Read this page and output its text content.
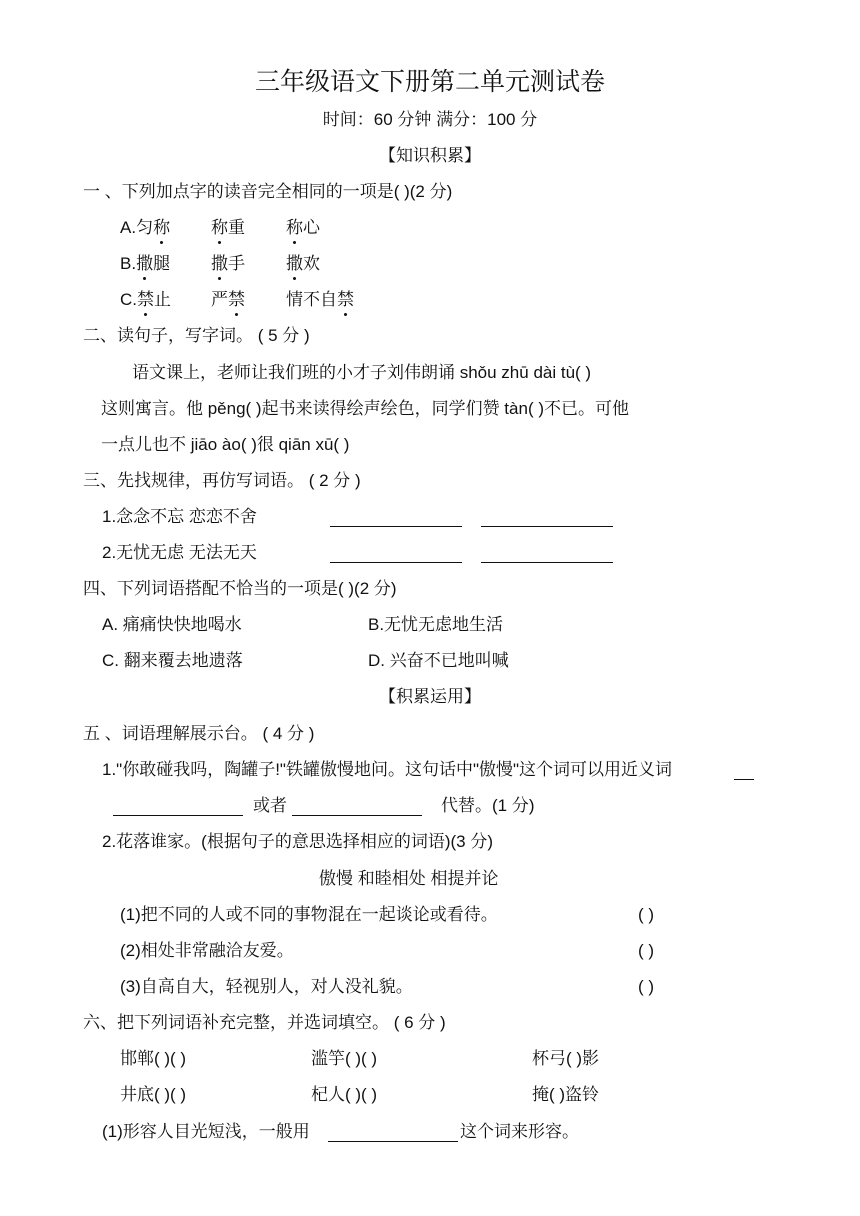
三年级语文下册第二单元测试卷
时间：60 分钟 满分：100 分
【知识积累】
一 、下列加点字的读音完全相同的一项是( )(2 分)
A.匀称 称重 称心
B.撒腿 撒手 撒欢
C.禁止 严禁 情不自禁
二、读句子，写字词。 ( 5 分 )
语文课上，老师让我们班的小才子刘伟朗诵 shǒu zhū dài tù( )
这则寓言。他 pěng( )起书来读得绘声绘色，同学们赞 tàn( )不已。可他
一点儿也不 jiāo ào( )很 qiān xū( )
三、先找规律，再仿写词语。 ( 2 分 )
1.念念不忘 恋恋不舍
2.无忧无虑 无法无天
四、下列词语搭配不恰当的一项是( )(2 分)
A. 痛痛快快地喝水	B.无忧无虑地生活
C. 翻来覆去地遗落	D. 兴奋不已地叫喊
【积累运用】
五 、词语理解展示台。 ( 4 分 )
1."你敢碰我吗，陶罐子!"铁罐傲慢地问。这句话中"傲慢"这个词可以用近义词
或者	代替。(1 分)
2.花落谁家。(根据句子的意思选择相应的词语)(3 分)
傲慢 和睦相处 相提并论
(1)把不同的人或不同的事物混在一起谈论或看待。	( )
(2)相处非常融洽友爱。	( )
(3)自高自大，轻视别人，对人没礼貌。	( )
六、把下列词语补充完整，并选词填空。 ( 6 分 )
邯郸( )( )	滥竽( )( )	杯弓( )影
井底( )( )	杞人( )( )	掩( )盗铃
(1)形容人目光短浅，一般用	这个词来形容。
